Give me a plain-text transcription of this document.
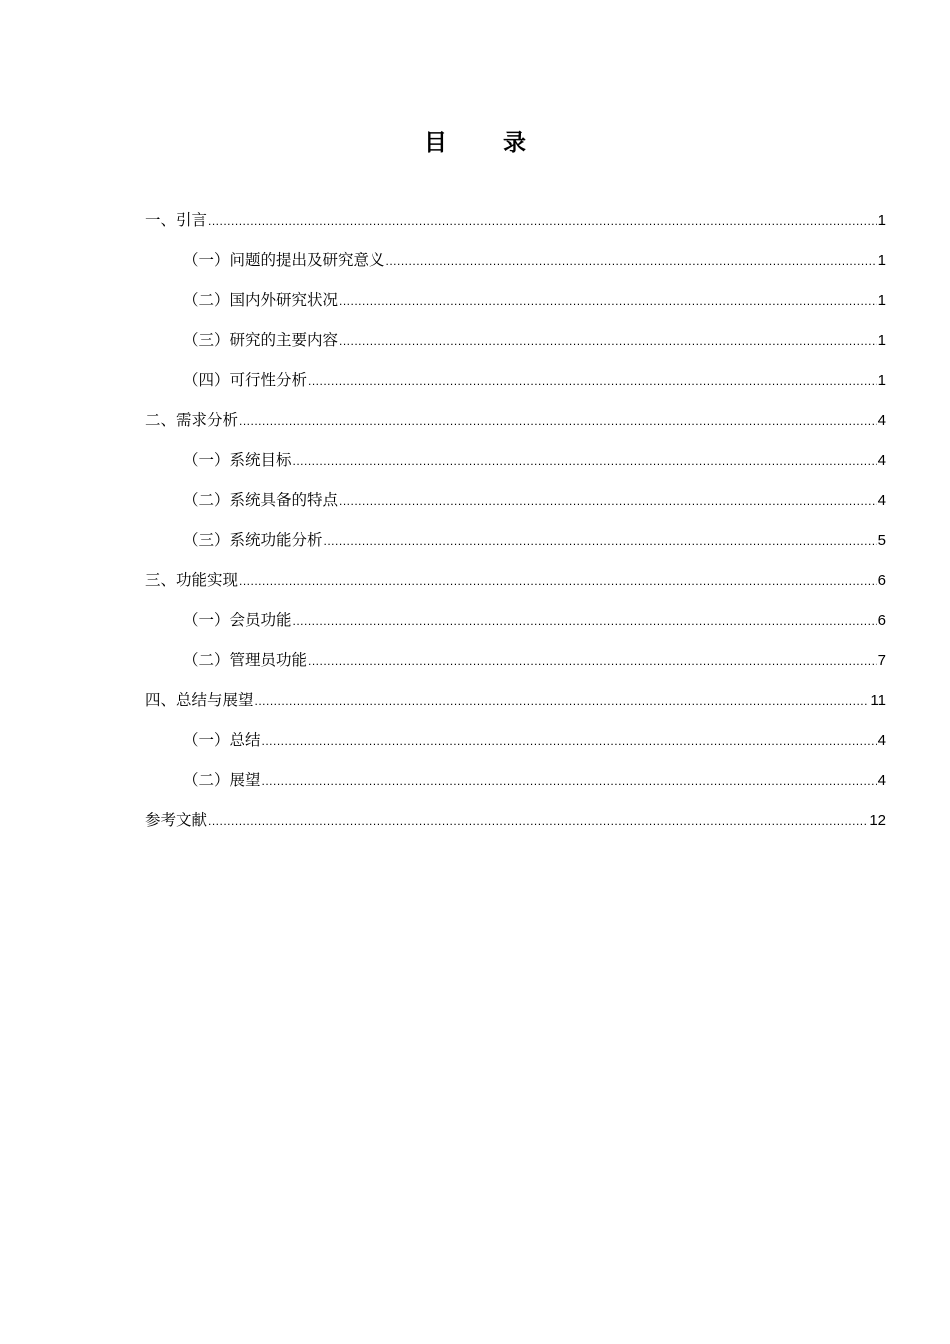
目 录
一、引言 .....	1
（一）问题的提出及研究意义 .....	1
（二）国内外研究状况 .....	1
（三）研究的主要内容 .....	1
（四）可行性分析 .....	1
二、需求分析 .....	4
（一）系统目标 .....	4
（二）系统具备的特点 .....	4
（三）系统功能分析 .....	5
三、功能实现 .....	6
（一）会员功能 .....	6
（二）管理员功能 .....	7
四、总结与展望 .....	11
（一）总结 .....	4
（二）展望 .....	4
参考文献 .....	12
